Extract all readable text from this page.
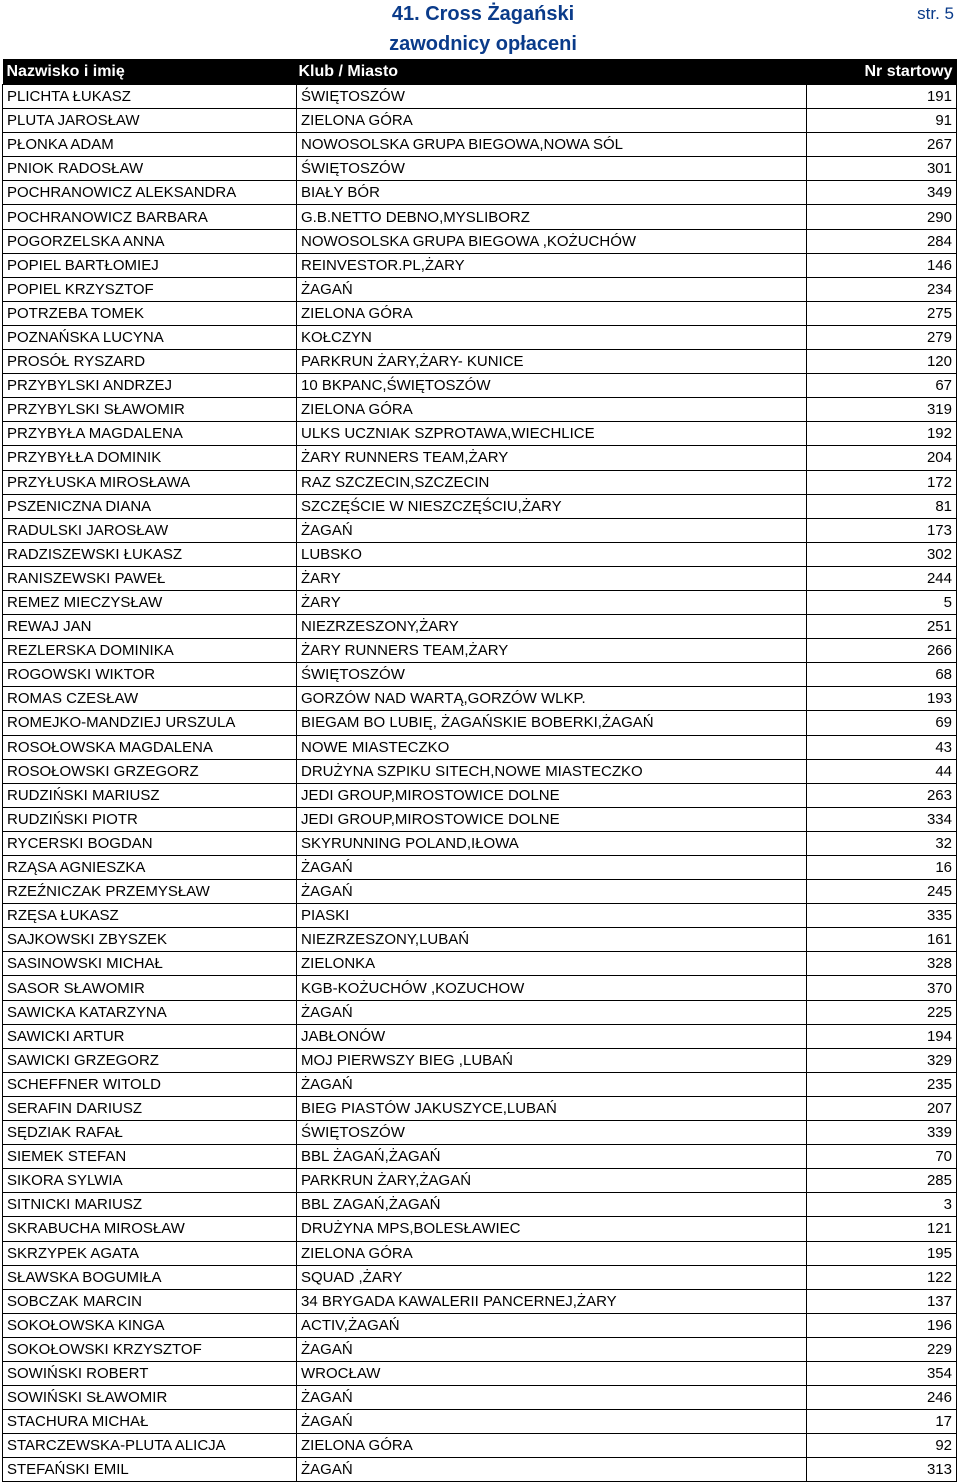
41. Cross Żagański
zawodnicy opłaceni
str. 5
Nazwisko i imię	Klub / Miasto	Nr startowy
PLICHTA ŁUKASZ	ŚWIĘTOSZÓW	191
PLUTA JAROSŁAW	ZIELONA GÓRA	91
PŁONKA ADAM	NOWOSOLSKA GRUPA BIEGOWA,NOWA SÓL	267
PNIOK RADOSŁAW	ŚWIĘTOSZÓW	301
POCHRANOWICZ ALEKSANDRA	BIAŁY BÓR	349
POCHRANOWICZ BARBARA	G.B.NETTO DEBNO,MYSLIBORZ	290
POGORZELSKA ANNA	NOWOSOLSKA GRUPA BIEGOWA ,KOŻUCHÓW	284
POPIEL BARTŁOMIEJ	REINVESTOR.PL,ŻARY	146
POPIEL KRZYSZTOF	ŻAGAŃ	234
POTRZEBA TOMEK	ZIELONA GÓRA	275
POZNAŃSKA LUCYNA	KOŁCZYN	279
PROSÓŁ RYSZARD	PARKRUN ŻARY,ŻARY- KUNICE	120
PRZYBYLSKI ANDRZEJ	10 BKPANC,ŚWIĘTOSZÓW	67
PRZYBYLSKI SŁAWOMIR	ZIELONA GÓRA	319
PRZYBYŁA MAGDALENA	ULKS UCZNIAK SZPROTAWA,WIECHLICE	192
PRZYBYŁŁA DOMINIK	ŻARY RUNNERS TEAM,ŻARY	204
PRZYŁUSKA MIROSŁAWA	RAZ SZCZECIN,SZCZECIN	172
PSZENICZNA DIANA	SZCZĘŚCIE W NIESZCZĘŚCIU,ŻARY	81
RADULSKI JAROSŁAW	ŻAGAŃ	173
RADZISZEWSKI ŁUKASZ	LUBSKO	302
RANISZEWSKI PAWEŁ	ŻARY	244
REMEZ MIECZYSŁAW	ŻARY	5
REWAJ JAN	NIEZRZESZONY,ŻARY	251
REZLERSKA DOMINIKA	ŻARY RUNNERS TEAM,ŻARY	266
ROGOWSKI WIKTOR	ŚWIĘTOSZÓW	68
ROMAS CZESŁAW	GORZÓW NAD WARTĄ,GORZÓW WLKP.	193
ROMEJKO-MANDZIEJ URSZULA	BIEGAM BO LUBIĘ, ŻAGAŃSKIE BOBERKI,ŻAGAŃ	69
ROSOŁOWSKA MAGDALENA	NOWE MIASTECZKO	43
ROSOŁOWSKI GRZEGORZ	DRUŻYNA SZPIKU SITECH,NOWE MIASTECZKO	44
RUDZIŃSKI MARIUSZ	JEDI GROUP,MIROSTOWICE DOLNE	263
RUDZIŃSKI PIOTR	JEDI GROUP,MIROSTOWICE DOLNE	334
RYCERSKI BOGDAN	SKYRUNNING POLAND,IŁOWA	32
RZĄSA AGNIESZKA	ŻAGAŃ	16
RZEŹNICZAK PRZEMYSŁAW	ŻAGAŃ	245
RZĘSA ŁUKASZ	PIASKI	335
SAJKOWSKI ZBYSZEK	NIEZRZESZONY,LUBAŃ	161
SASINOWSKI MICHAŁ	ZIELONKA	328
SASOR SŁAWOMIR	KGB-KOŻUCHÓW ,KOZUCHOW	370
SAWICKA KATARZYNA	ŻAGAŃ	225
SAWICKI ARTUR	JABŁONÓW	194
SAWICKI GRZEGORZ	MOJ PIERWSZY BIEG ,LUBAŃ	329
SCHEFFNER WITOLD	ŻAGAŃ	235
SERAFIN DARIUSZ	BIEG PIASTÓW JAKUSZYCE,LUBAŃ	207
SĘDZIAK RAFAŁ	ŚWIĘTOSZÓW	339
SIEMEK STEFAN	BBL ŻAGAŃ,ŻAGAŃ	70
SIKORA SYLWIA	PARKRUN ŻARY,ŻAGAŃ	285
SITNICKI MARIUSZ	BBL ZAGAŃ,ŻAGAŃ	3
SKRABUCHA MIROSŁAW	DRUŻYNA MPS,BOLESŁAWIEC	121
SKRZYPEK AGATA	ZIELONA GÓRA	195
SŁAWSKA BOGUMIŁA	SQUAD ,ŻARY	122
SOBCZAK MARCIN	34 BRYGADA KAWALERII PANCERNEJ,ŻARY	137
SOKOŁOWSKA KINGA	ACTIV,ŻAGAŃ	196
SOKOŁOWSKI KRZYSZTOF	ŻAGAŃ	229
SOWIŃSKI ROBERT	WROCŁAW	354
SOWIŃSKI SŁAWOMIR	ŻAGAŃ	246
STACHURA MICHAŁ	ŻAGAŃ	17
STARCZEWSKA-PLUTA ALICJA	ZIELONA GÓRA	92
STEFAŃSKI EMIL	ŻAGAŃ	313
